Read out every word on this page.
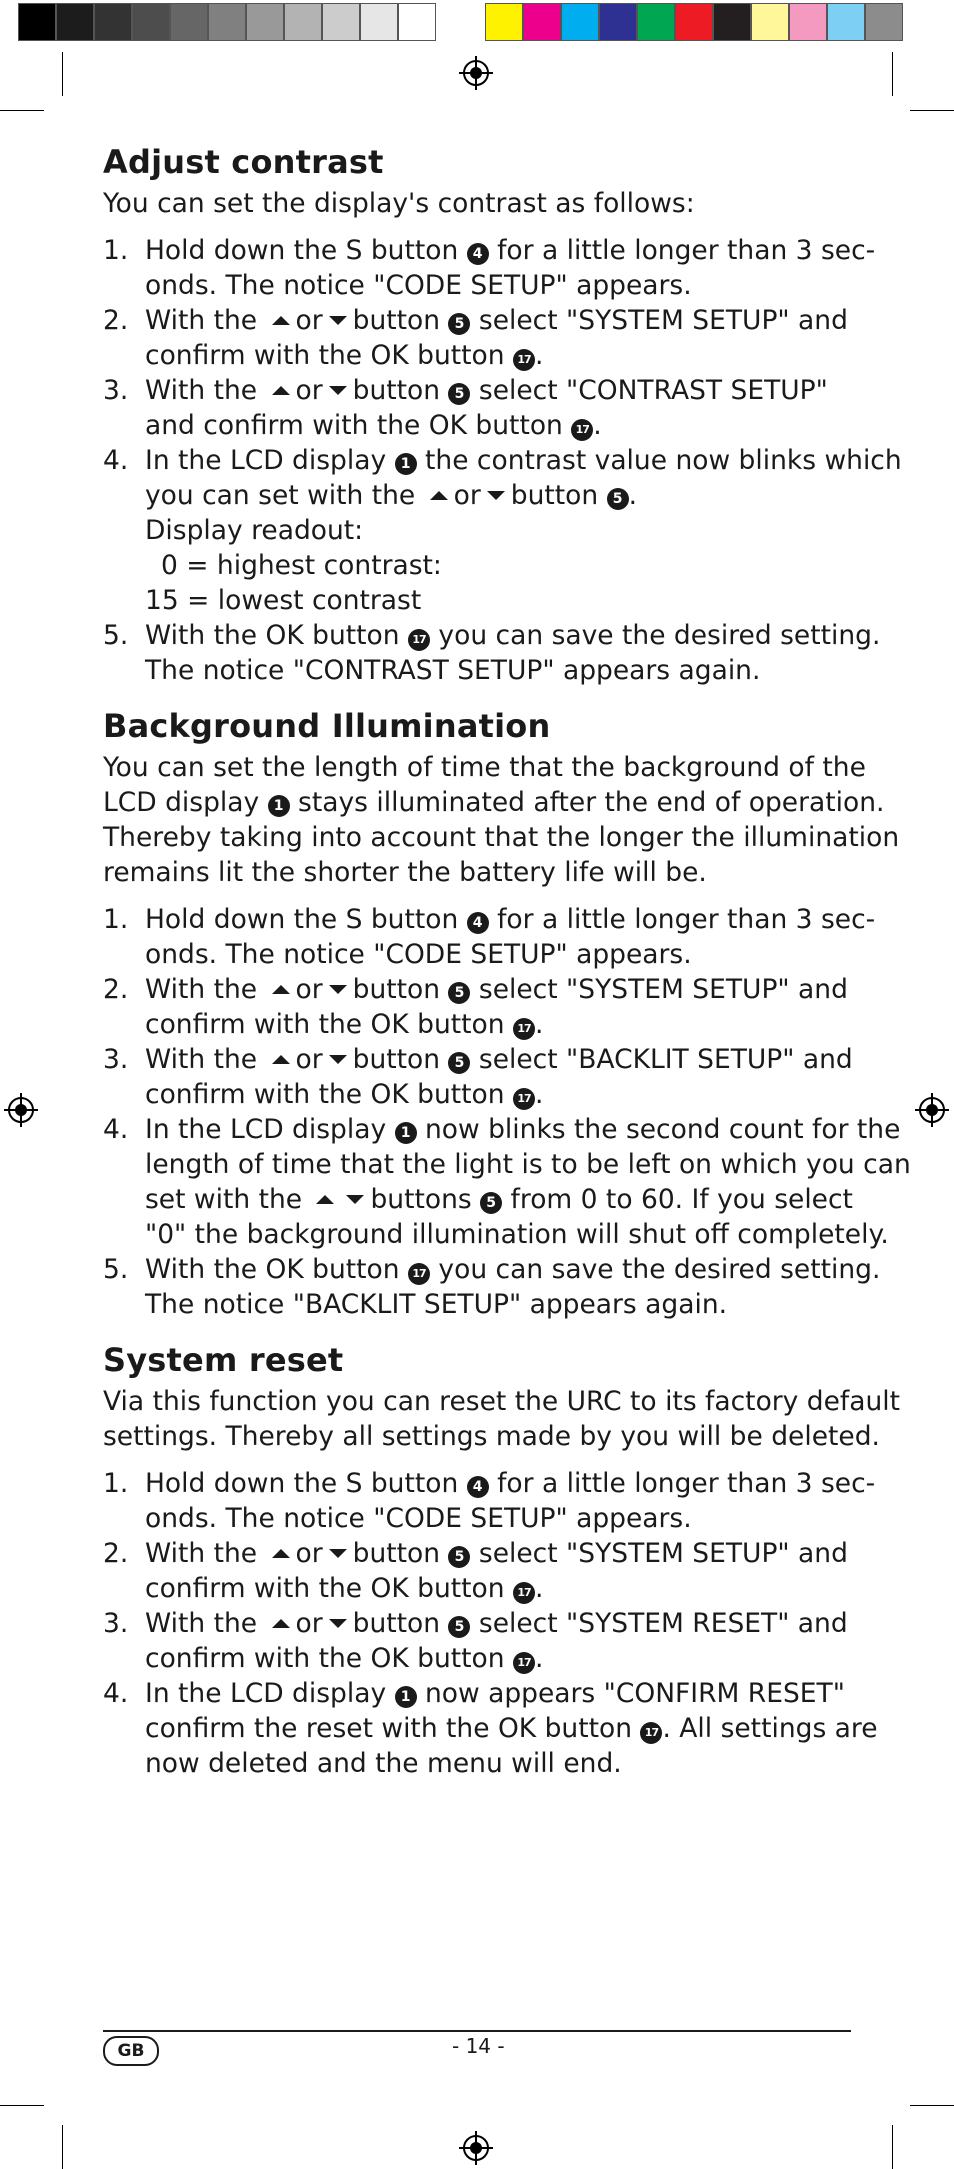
Adjust contrast

You can set the display's contrast as follows:

1. Hold down the S button 4 for a little longer than 3 sec-
onds. The notice "CODE SETUP" appears.
2. With the or button 5 select "SYSTEM SETUP" and
confirm with the OK button 17 .
3. With the or button 5 select "CONTRAST SETUP"
and confirm with the OK button 17 .
4. In the LCD display 1 the contrast value now blinks which
you can set with the or button 5 .
Display readout:
0 = highest contrast:
15 = lowest contrast
5. With the OK button 17 you can save the desired setting.
The notice "CONTRAST SETUP" appears again.
Background Illumination

You can set the length of time that the background of the
LCD display 1 stays illuminated after the end of operation.
Thereby taking into account that the longer the illumination
remains lit the shorter the battery life will be.

1. Hold down the S button 4 for a little longer than 3 sec-
onds. The notice "CODE SETUP" appears.
2. With the or button 5 select "SYSTEM SETUP" and
confirm with the OK button 17 .
3. With the or button 5 select "BACKLIT SETUP" and
confirm with the OK button 17 .
4. In the LCD display 1 now blinks the second count for the
length of time that the light is to be left on which you can
set with the buttons 5 from 0 to 60. If you select
"0" the background illumination will shut off completely.
5. With the OK button 17 you can save the desired setting.
The notice "BACKLIT SETUP" appears again.
System reset

Via this function you can reset the URC to its factory default
settings. Thereby all settings made by you will be deleted.

1. Hold down the S button 4 for a little longer than 3 sec-
onds. The notice "CODE SETUP" appears.
2. With the or button 5 select "SYSTEM SETUP" and
confirm with the OK button 17 .
3. With the or button 5 select "SYSTEM RESET" and
confirm with the OK button 17 .
4. In the LCD display 1 now appears "CONFIRM RESET"
confirm the reset with the OK button 17 . All settings are
now deleted and the menu will end.
GB	- 14 -
